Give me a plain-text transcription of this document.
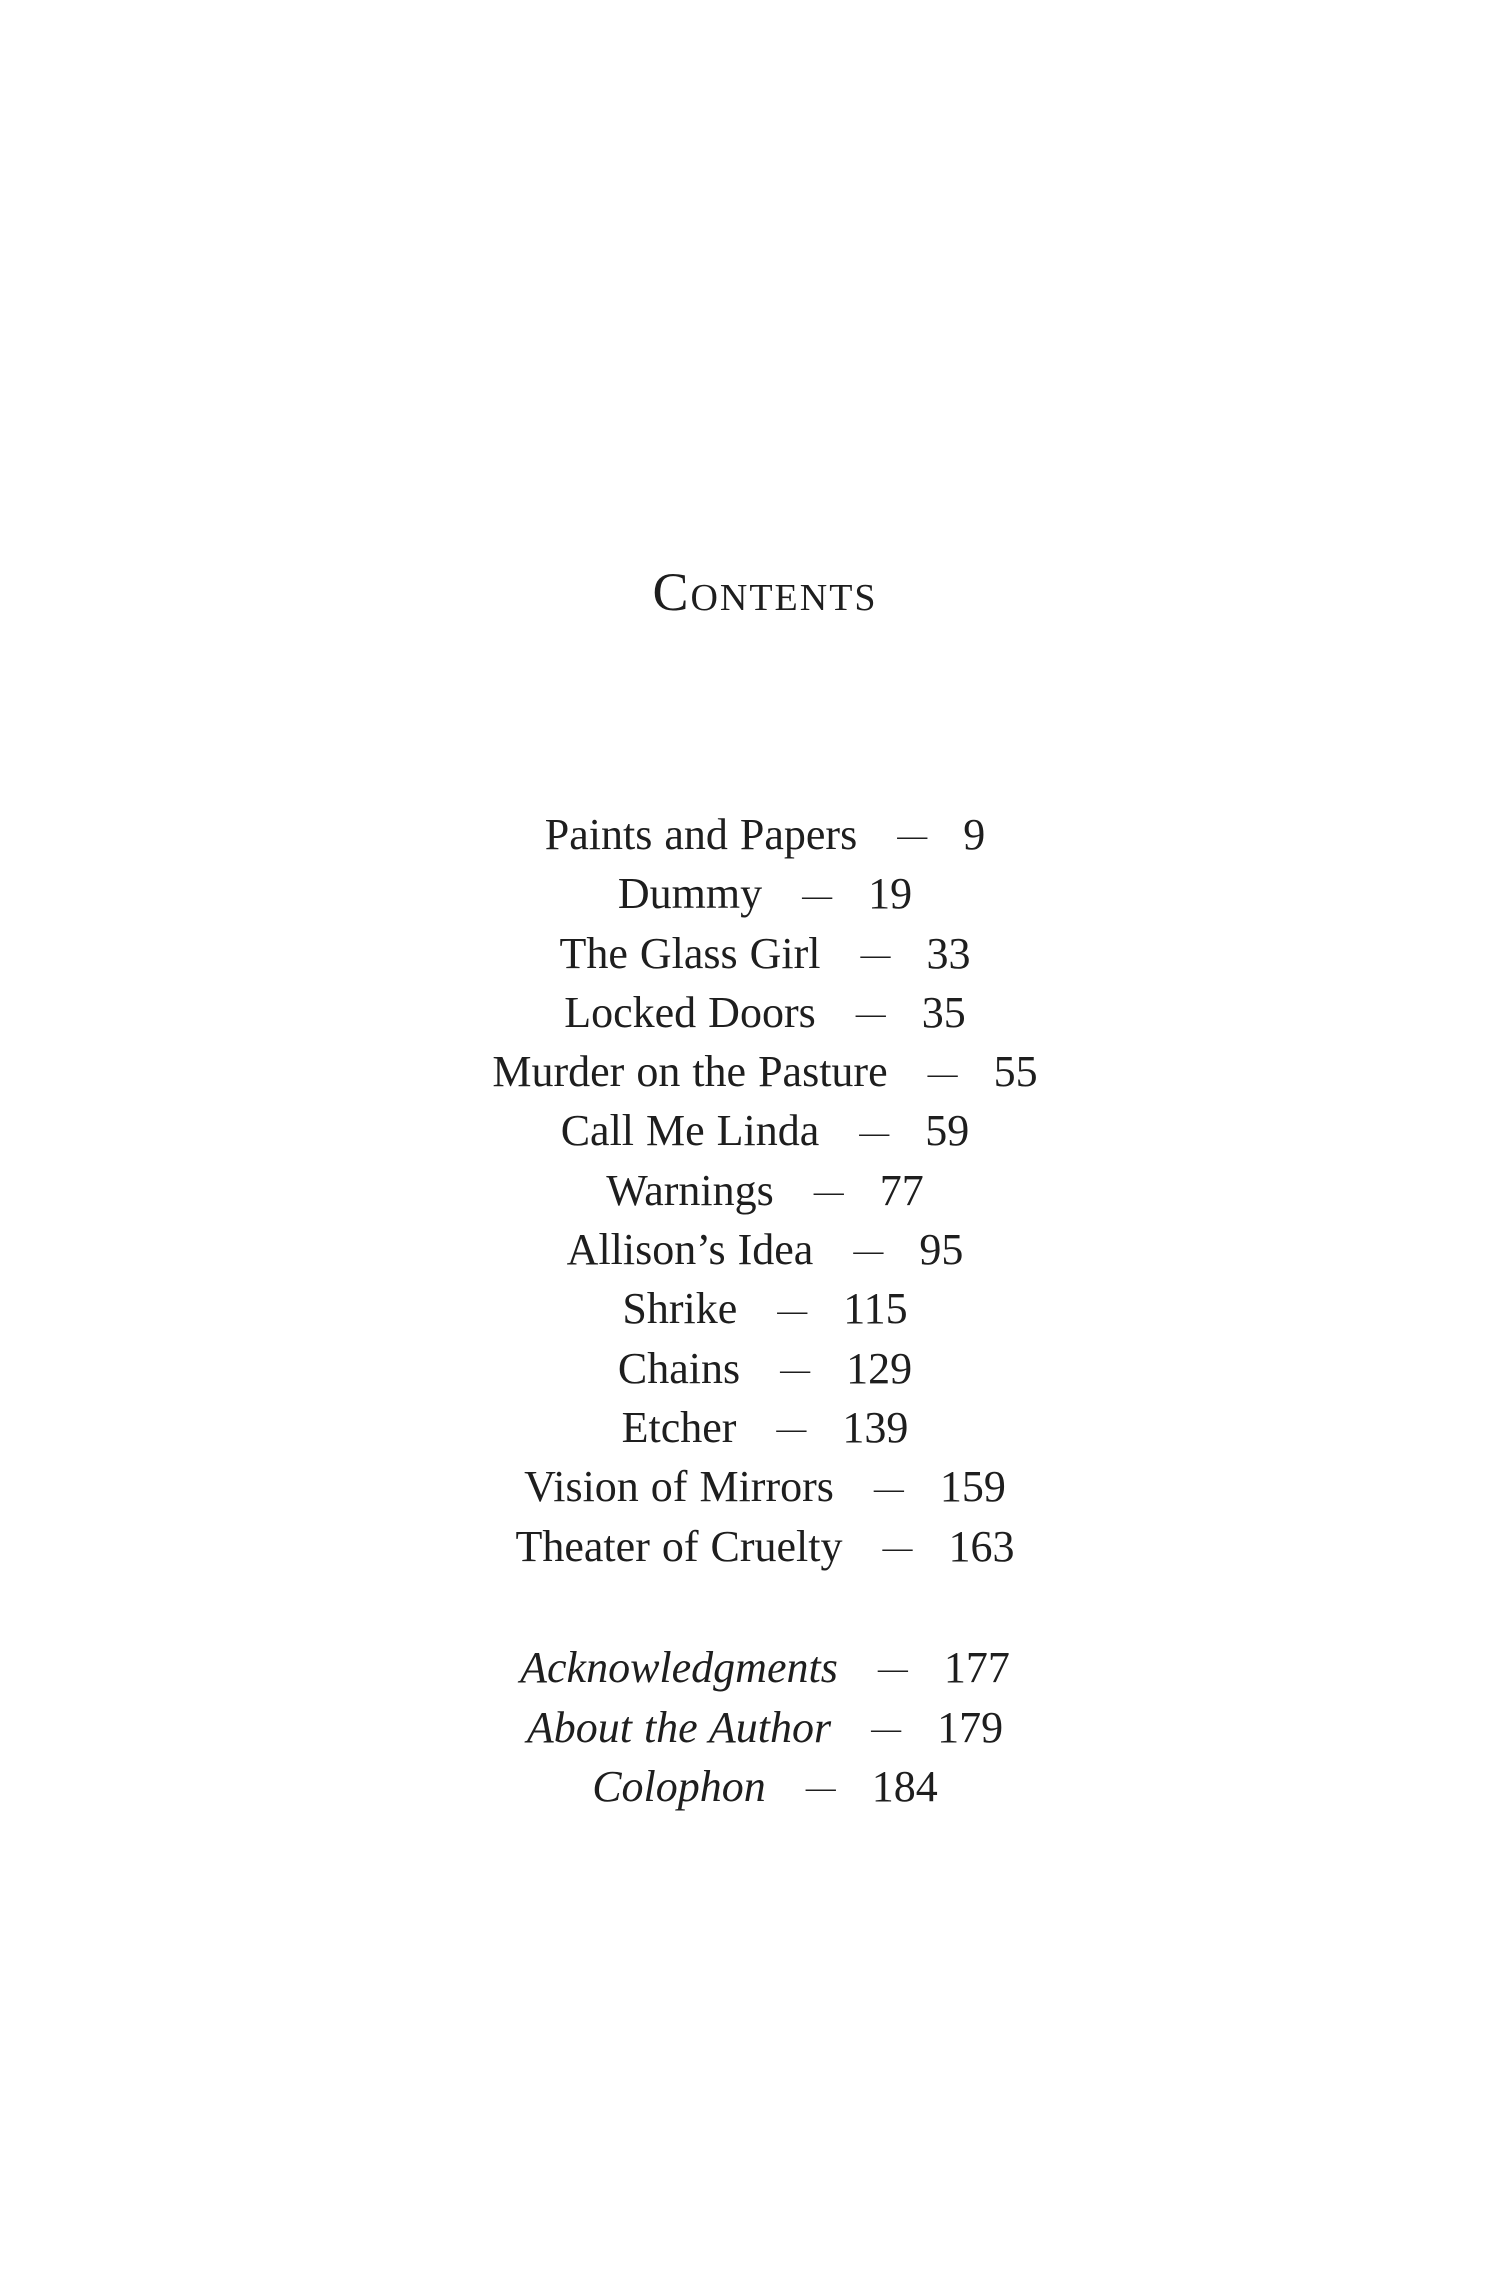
Contents
Paints and Papers — 9
Dummy — 19
The Glass Girl — 33
Locked Doors — 35
Murder on the Pasture — 55
Call Me Linda — 59
Warnings — 77
Allison’s Idea — 95
Shrike — 115
Chains — 129
Etcher — 139
Vision of Mirrors — 159
Theater of Cruelty — 163
Acknowledgments — 177
About the Author — 179
Colophon — 184
